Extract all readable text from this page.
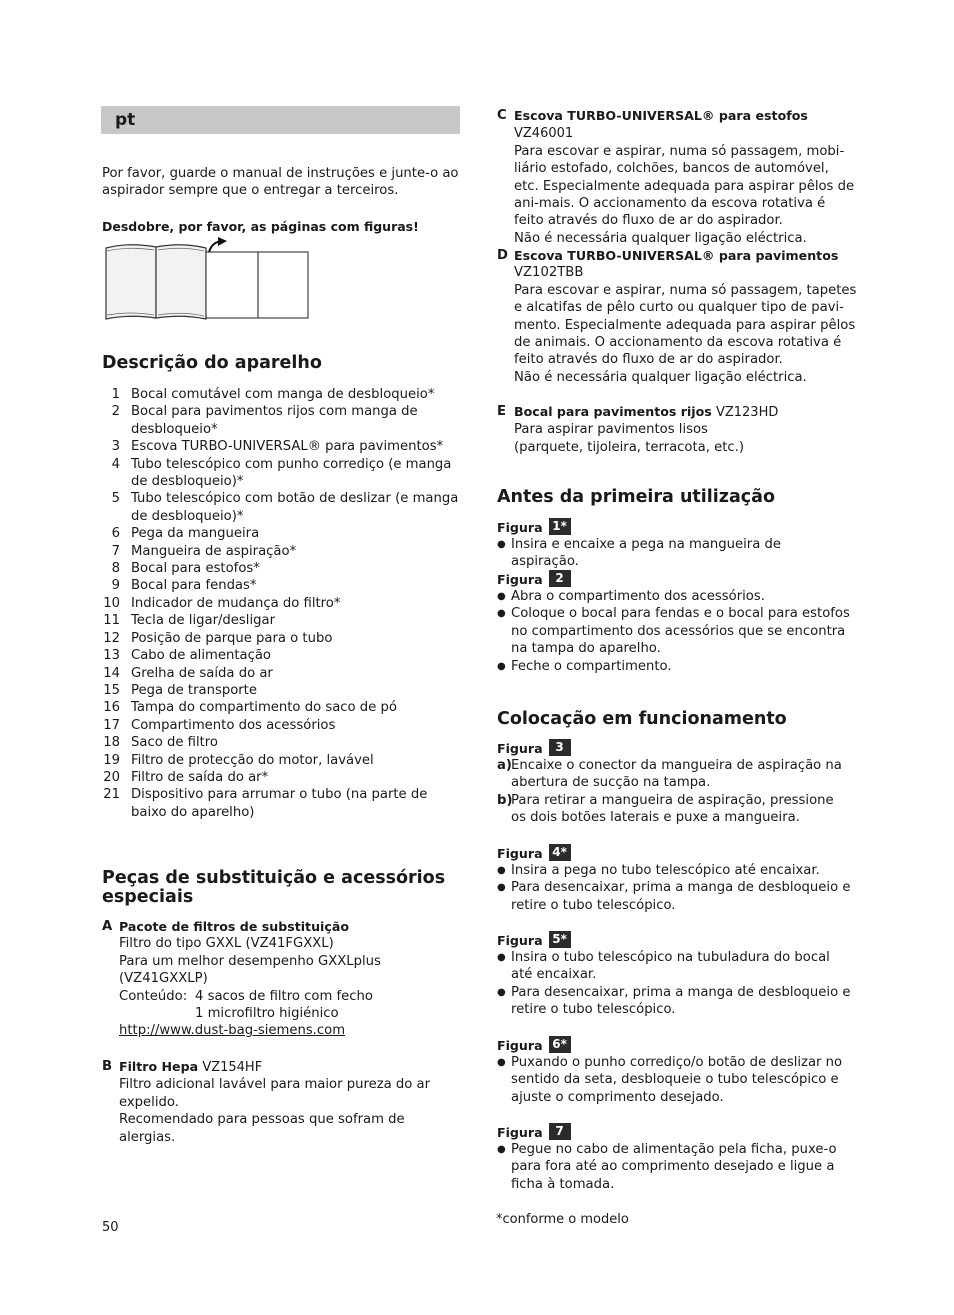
pt

Por favor, guarde o manual de instruções e junte-o ao aspirador sempre que o entregar a terceiros.

Desdobre, por favor, as páginas com figuras!

Descrição do aparelho
1 Bocal comutável com manga de desbloqueio*
2 Bocal para pavimentos rijos com manga de desbloqueio*
3 Escova TURBO-UNIVERSAL® para pavimentos*
4 Tubo telescópico com punho corrediço (e manga de desbloqueio)*
5 Tubo telescópico com botão de deslizar (e manga de desbloqueio)*
6 Pega da mangueira
7 Mangueira de aspiração*
8 Bocal para estofos*
9 Bocal para fendas*
10 Indicador de mudança do filtro*
11 Tecla de ligar/desligar
12 Posição de parque para o tubo
13 Cabo de alimentação
14 Grelha de saída do ar
15 Pega de transporte
16 Tampa do compartimento do saco de pó
17 Compartimento dos acessórios
18 Saco de filtro
19 Filtro de protecção do motor, lavável
20 Filtro de saída do ar*
21 Dispositivo para arrumar o tubo (na parte de baixo do aparelho)
Peças de substituição e acessórios especiais
A Pacote de filtros de substituição
Filtro do tipo GXXL (VZ41FGXXL)
Para um melhor desempenho GXXLplus (VZ41GXXLP)
Conteúdo: 4 sacos de filtro com fecho
1 microfiltro higiénico
http://www.dust-bag-siemens.com
B Filtro Hepa VZ154HF
Filtro adicional lavável para maior pureza do ar expelido.
Recomendado para pessoas que sofram de alergias.
C Escova TURBO-UNIVERSAL® para estofos VZ46001
Para escovar e aspirar, numa só passagem, mobi-liário estofado, colchões, bancos de automóvel, etc. Especialmente adequada para aspirar pêlos de ani-mais. O accionamento da escova rotativa é feito através do fluxo de ar do aspirador.
Não é necessária qualquer ligação eléctrica.
D Escova TURBO-UNIVERSAL® para pavimentos
VZ102TBB
Para escovar e aspirar, numa só passagem, tapetes e alcatifas de pêlo curto ou qualquer tipo de pavi-mento. Especialmente adequada para aspirar pêlos de animais. O accionamento da escova rotativa é feito através do fluxo de ar do aspirador.
Não é necessária qualquer ligação eléctrica.
E Bocal para pavimentos rijos VZ123HD
Para aspirar pavimentos lisos
(parquete, tijoleira, terracota, etc.)
Antes da primeira utilização
Figura 1*
● Insira e encaixe a pega na mangueira de aspiração.
Figura	2
● Abra o compartimento dos acessórios.
● Coloque o bocal para fendas e o bocal para estofos no compartimento dos acessórios que se encontra na tampa do aparelho.
● Feche o compartimento.
Colocação em funcionamento
Figura	3
a) Encaixe o conector da mangueira de aspiração na abertura de sucção na tampa.
b)
Para retirar a mangueira de aspiração, pressione os dois botões laterais e puxe a mangueira.
Figura 4*
● Insira a pega no tubo telescópico até encaixar.
● Para desencaixar, prima a manga de desbloqueio e retire o tubo telescópico.
Figura 5*
● Insira o tubo telescópico na tubuladura do bocal até encaixar.
● Para desencaixar, prima a manga de desbloqueio e retire o tubo telescópico.
Figura 6*
● Puxando o punho corrediço/o botão de deslizar no sentido da seta, desbloqueie o tubo telescópico e ajuste o comprimento desejado.
Figura	7
● Pegue no cabo de alimentação pela ficha, puxe-o para fora até ao comprimento desejado e ligue a ficha à tomada.
*conforme o modelo
50
